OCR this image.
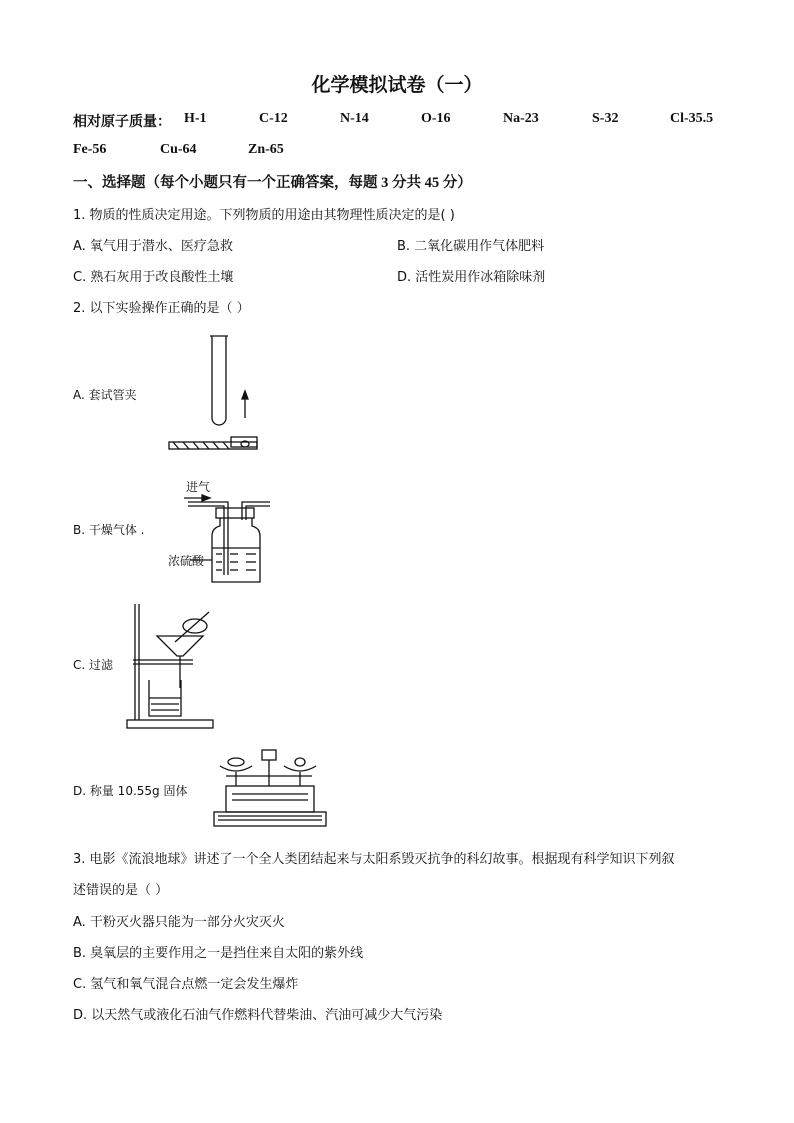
化学模拟试卷（一）
相对原子质量： H-1	C-12	N-14	O-16	Na-23	S-32	Cl-35.5
Fe-56	Cu-64	Zn-65
一、选择题（每个小题只有一个正确答案，每题 3 分共 45 分）
1. 物质的性质决定用途。下列物质的用途由其物理性质决定的是( )
A. 氧气用于潜水、医疗急救	B. 二氧化碳用作气体肥料
C. 熟石灰用于改良酸性土壤	D. 活性炭用作冰箱除味剂
2. 以下实验操作正确的是（ ）
A. 套试管夹
B. 干燥气体 .
进气
浓硫酸
C. 过滤
D. 称量 10.55g 固体
3. 电影《流浪地球》讲述了一个全人类团结起来与太阳系毁灭抗争的科幻故事。根据现有科学知识下列叙
述错误的是（ ）
A. 干粉灭火器只能为一部分火灾灭火
B. 臭氧层的主要作用之一是挡住来自太阳的紫外线
C. 氢气和氧气混合点燃一定会发生爆炸
D. 以天然气或液化石油气作燃料代替柴油、汽油可减少大气污染
